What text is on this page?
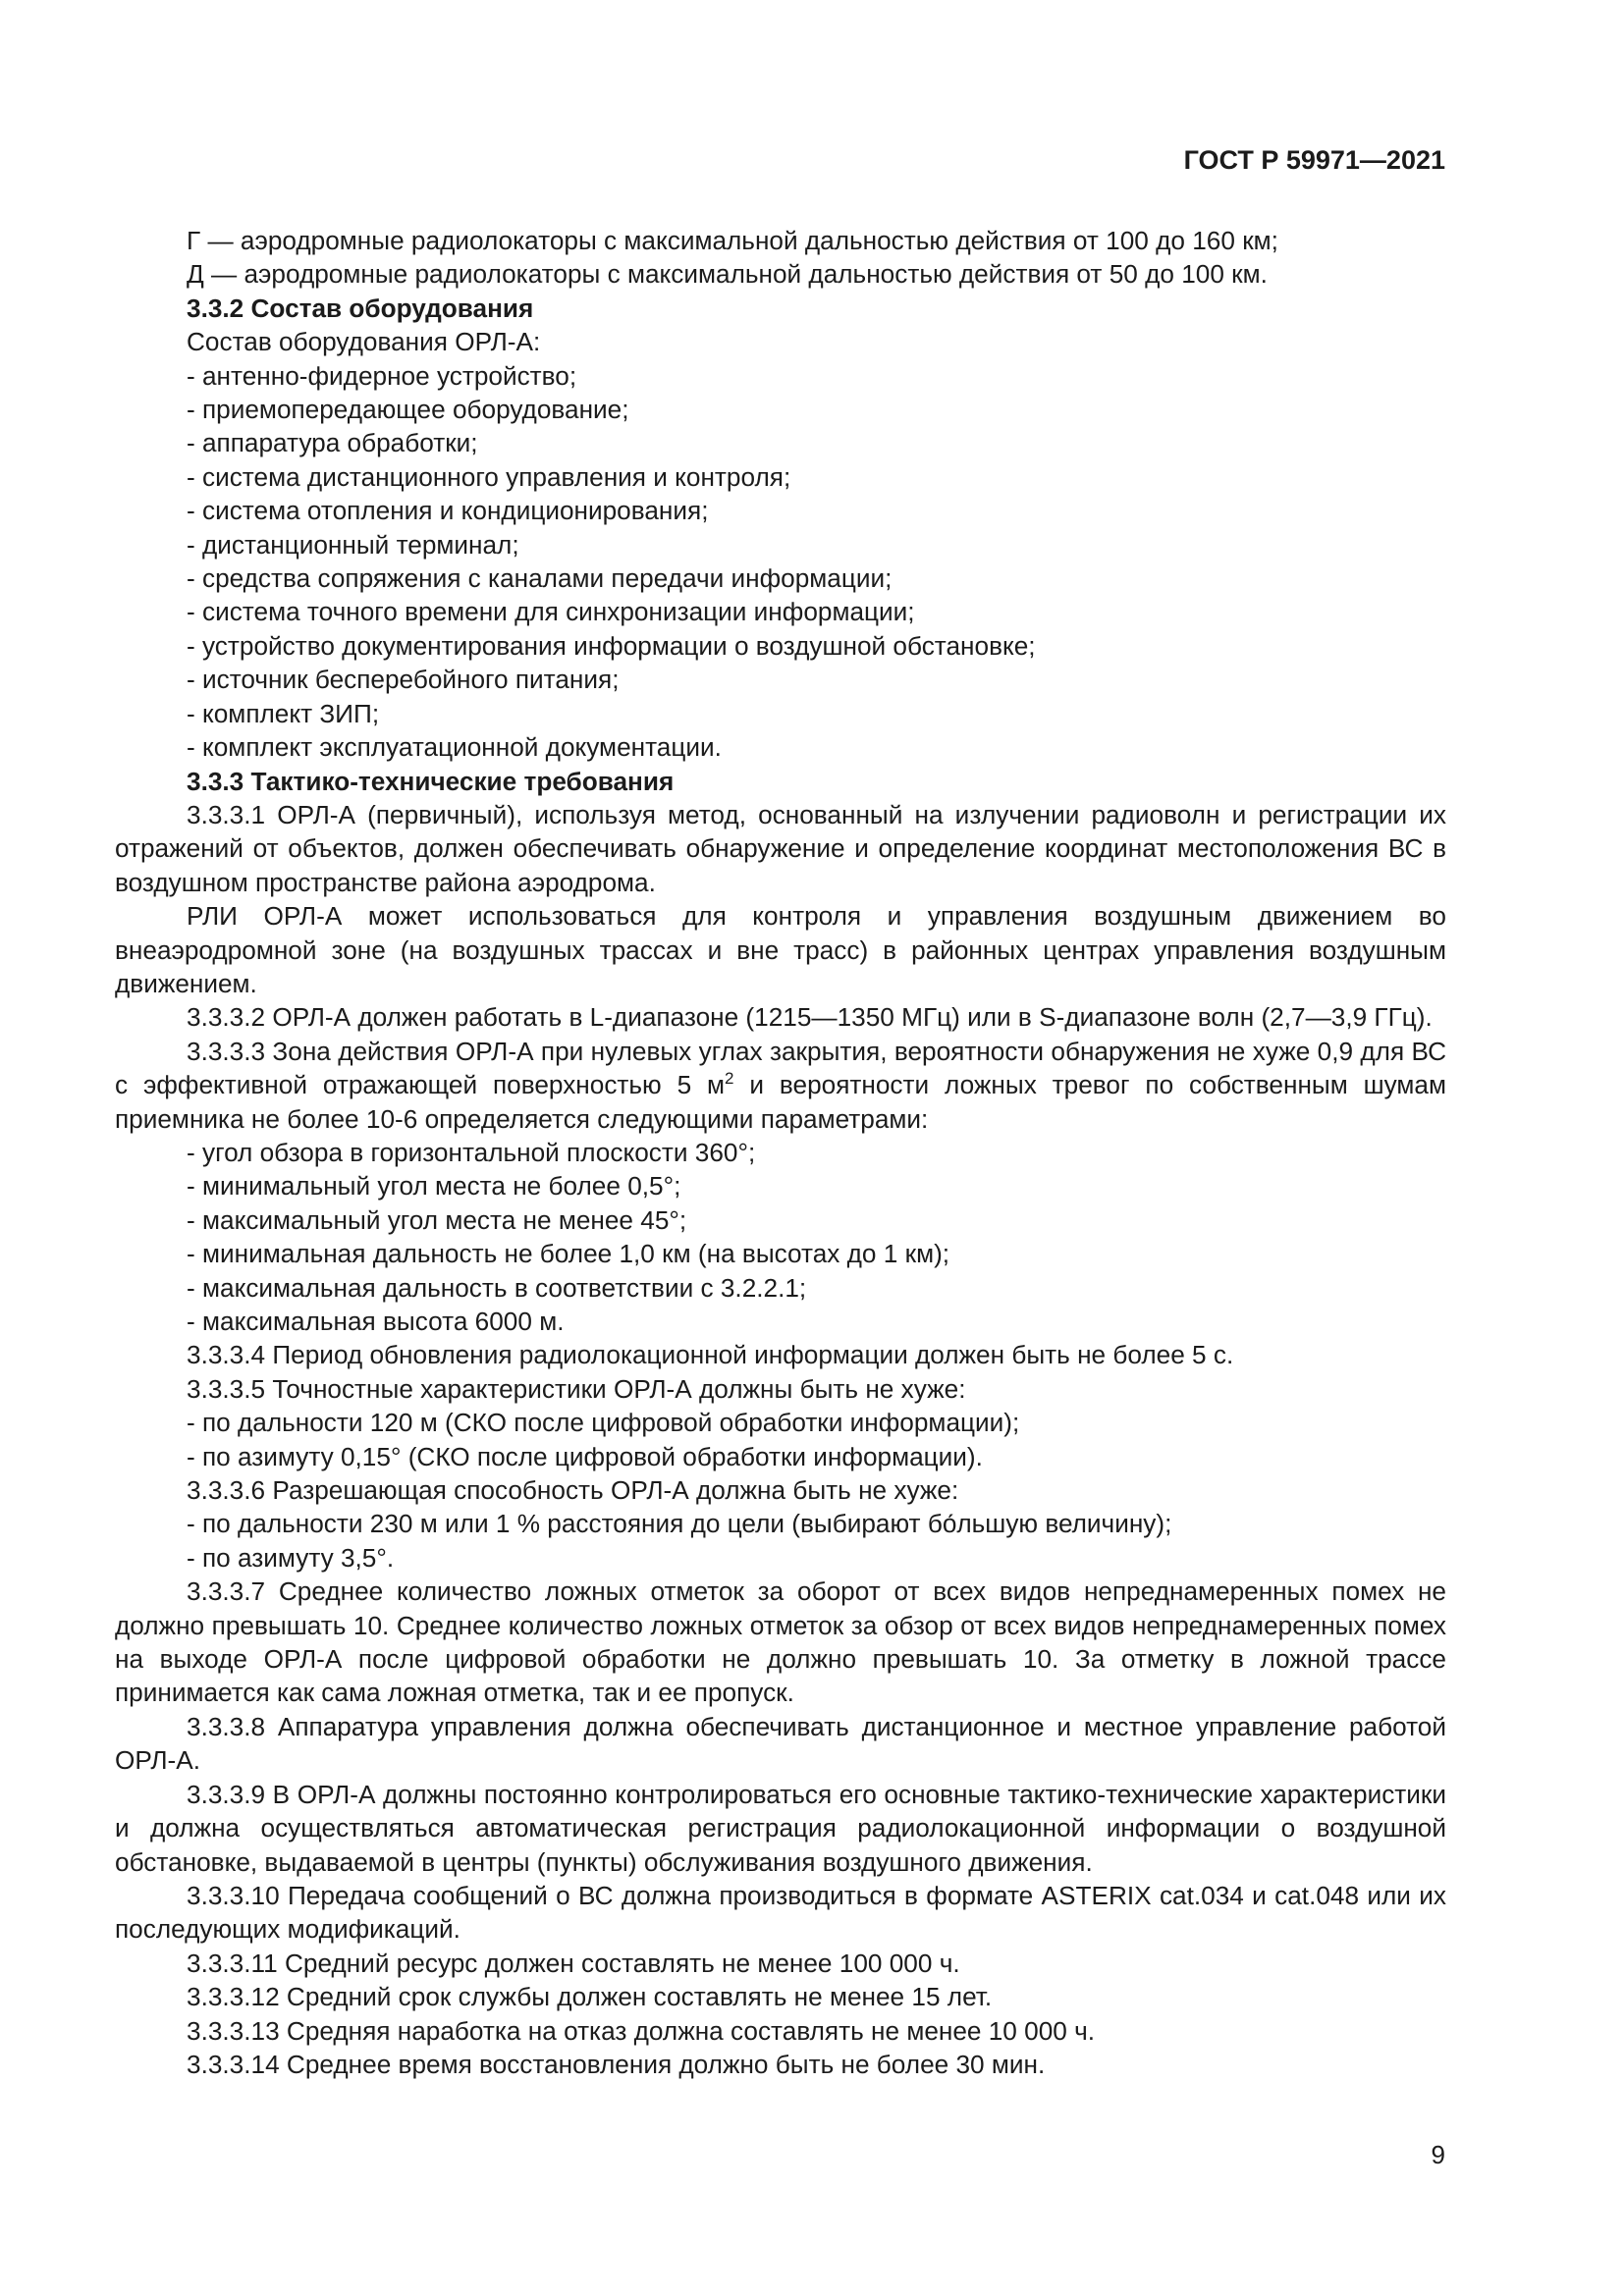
ГОСТ Р 59971—2021

Г — аэродромные радиолокаторы с максимальной дальностью действия от 100 до 160 км;

Д — аэродромные радиолокаторы с максимальной дальностью действия от 50 до 100 км.

3.3.2 Состав оборудования

Состав оборудования ОРЛ-А:

- антенно-фидерное устройство;

- приемопередающее оборудование;

- аппаратура обработки;

- система дистанционного управления и контроля;

- система отопления и кондиционирования;

- дистанционный терминал;

- средства сопряжения с каналами передачи информации;

- система точного времени для синхронизации информации;

- устройство документирования информации о воздушной обстановке;

- источник бесперебойного питания;

- комплект ЗИП;

- комплект эксплуатационной документации.

3.3.3 Тактико-технические требования

3.3.3.1 ОРЛ-А (первичный), используя метод, основанный на излучении радиоволн и регистрации их отражений от объектов, должен обеспечивать обнаружение и определение координат местоположения ВС в воздушном пространстве района аэродрома.

РЛИ ОРЛ-А может использоваться для контроля и управления воздушным движением во внеаэродромной зоне (на воздушных трассах и вне трасс) в районных центрах управления воздушным движением.

3.3.3.2 ОРЛ-А должен работать в L-диапазоне (1215—1350 МГц) или в S-диапазоне волн (2,7—3,9 ГГц).

3.3.3.3 Зона действия ОРЛ-А при нулевых углах закрытия, вероятности обнаружения не хуже 0,9 для ВС с эффективной отражающей поверхностью 5 $м^2$ и вероятности ложных тревог по собственным шумам приемника не более 10-6 определяется следующими параметрами:

- угол обзора в горизонтальной плоскости 360°;

- минимальный угол места не более 0,5°;

- максимальный угол места не менее 45°;

- минимальная дальность не более 1,0 км (на высотах до 1 км);

- максимальная дальность в соответствии с 3.2.2.1;

- максимальная высота 6000 м.

3.3.3.4 Период обновления радиолокационной информации должен быть не более 5 с.

3.3.3.5 Точностные характеристики ОРЛ-А должны быть не хуже:

- по дальности 120 м (СКО после цифровой обработки информации);

- по азимуту 0,15° (СКО после цифровой обработки информации).

3.3.3.6 Разрешающая способность ОРЛ-А должна быть не хуже:

- по дальности 230 м или 1 % расстояния до цели (выбирают бо́льшую величину);

- по азимуту 3,5°.

3.3.3.7 Среднее количество ложных отметок за оборот от всех видов непреднамеренных помех не должно превышать 10. Среднее количество ложных отметок за обзор от всех видов непреднамеренных помех на выходе ОРЛ-А после цифровой обработки не должно превышать 10. За отметку в ложной трассе принимается как сама ложная отметка, так и ее пропуск.

3.3.3.8 Аппаратура управления должна обеспечивать дистанционное и местное управление работой ОРЛ-А.

3.3.3.9 В ОРЛ-А должны постоянно контролироваться его основные тактико-технические характеристики и должна осуществляться автоматическая регистрация радиолокационной информации о воздушной обстановке, выдаваемой в центры (пункты) обслуживания воздушного движения.

3.3.3.10 Передача сообщений о ВС должна производиться в формате ASTERIX cat.034 и cat.048 или их последующих модификаций.

3.3.3.11 Средний ресурс должен составлять не менее 100 000 ч.

3.3.3.12 Средний срок службы должен составлять не менее 15 лет.

3.3.3.13 Средняя наработка на отказ должна составлять не менее 10 000 ч.

3.3.3.14 Среднее время восстановления должно быть не более 30 мин.

9
